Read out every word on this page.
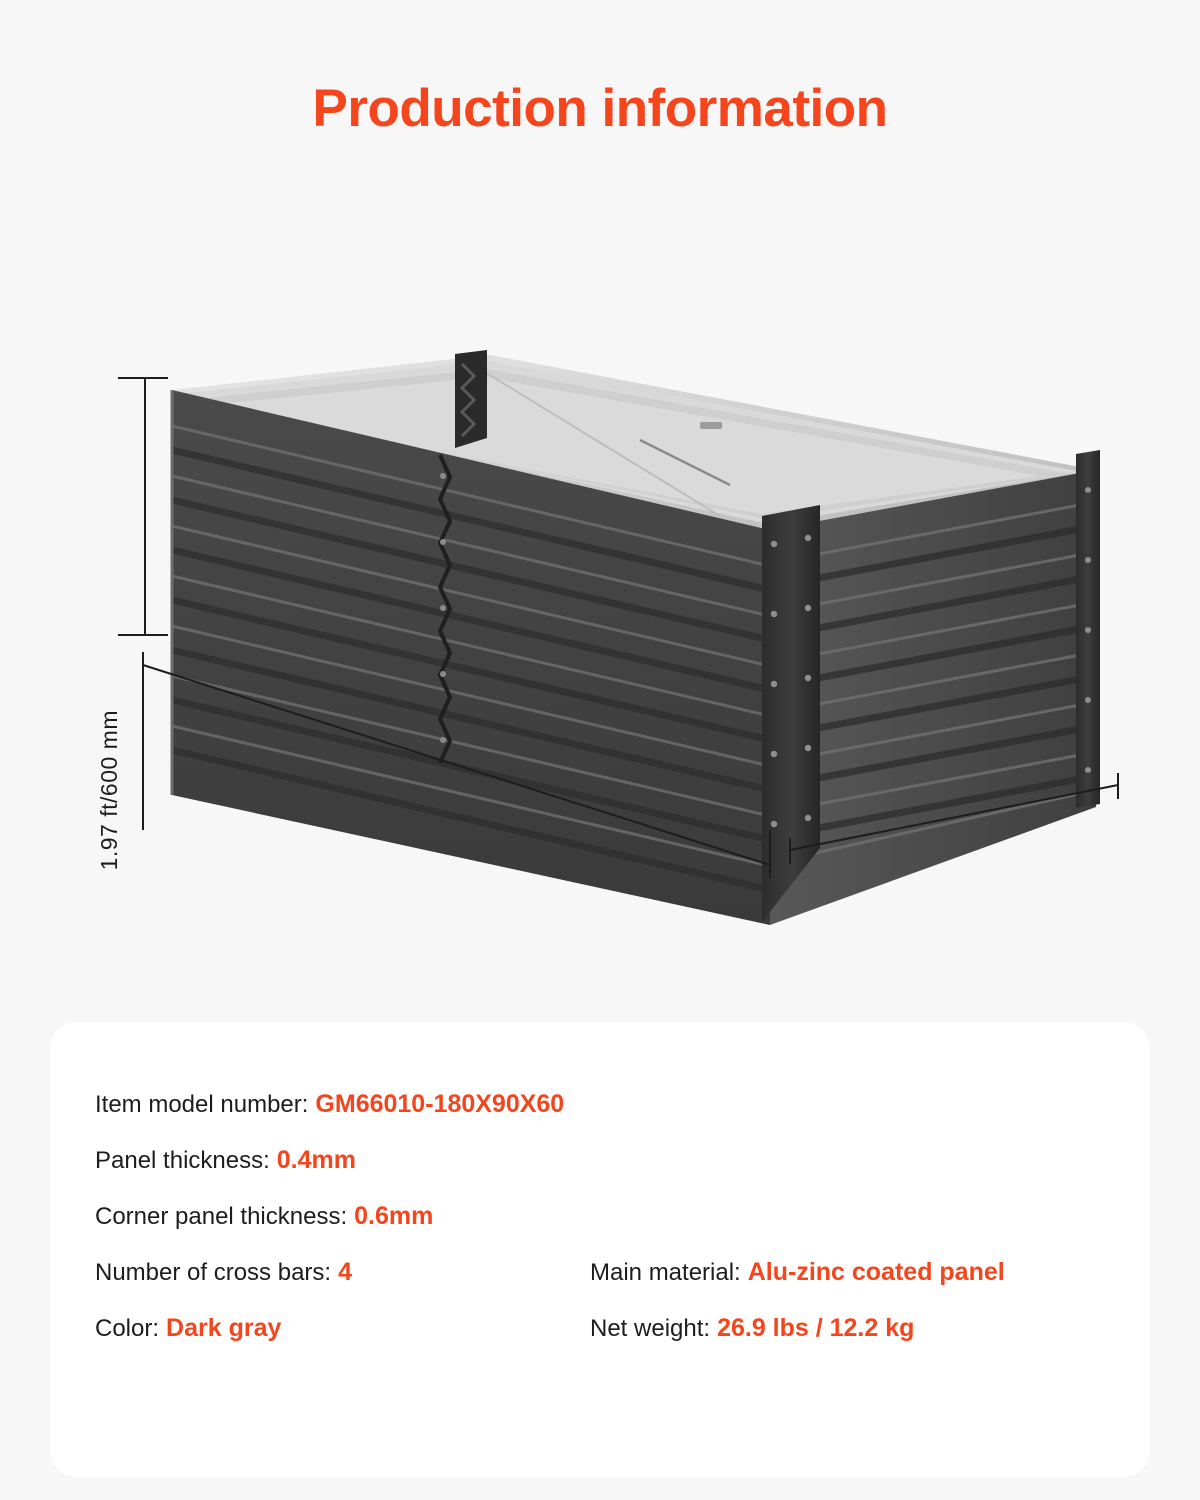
Production information
1.97 ft/600 mm
Item model number: GM66010-180X90X60
Panel thickness: 0.4mm
Corner panel thickness: 0.6mm
Number of cross bars: 4	Main material: Alu-zinc coated panel
Color: Dark gray	Net weight: 26.9 lbs / 12.2 kg
